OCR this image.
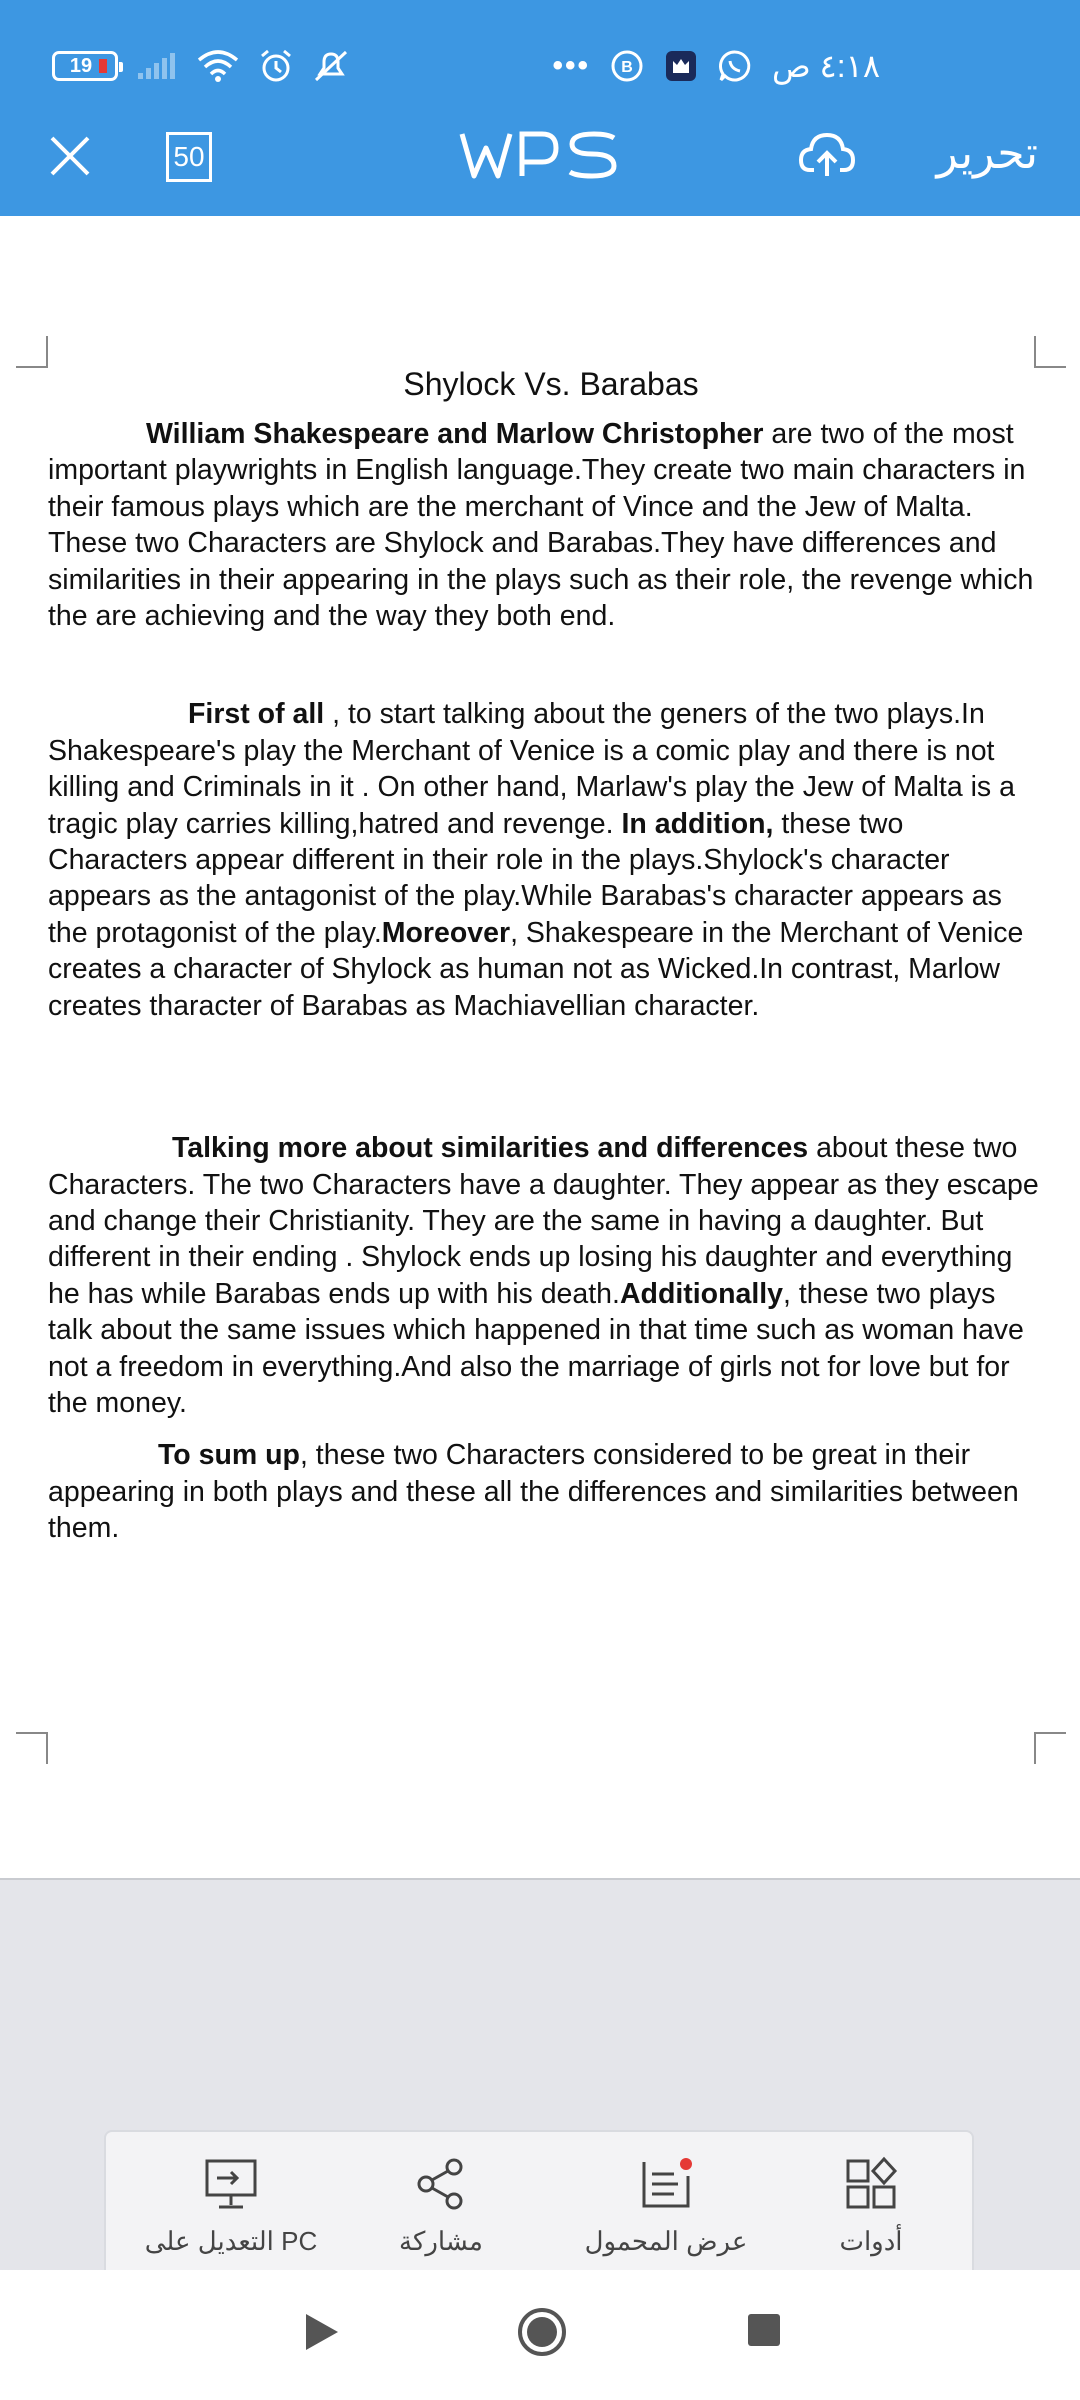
19	••• B	٤:١٨ ص
50	تحرير
Shylock Vs. Barabas

William Shakespeare and Marlow Christopher are two of the most important playwrights in English language.They create two main characters in their famous plays which are the merchant of Vince and the Jew of Malta. These two Characters are Shylock and Barabas.They have differences and similarities in their appearing in the plays such as their role, the revenge which the are achieving and the way they both end.

First of all , to start talking about the geners of the two plays.In Shakespeare's play the Merchant of Venice is a comic play and there is not killing and Criminals in it . On other hand, Marlaw's play the Jew of Malta is a tragic play carries killing,hatred and revenge. In addition, these two Characters appear different in their role in the plays.Shylock's character appears as the antagonist of the play.While Barabas's character appears as the protagonist of the play.Moreover, Shakespeare in the Merchant of Venice creates a character of Shylock as human not as Wicked.In contrast, Marlow creates tharacter of Barabas as Machiavellian character.

Talking more about similarities and differences about these two Characters. The two Characters have a daughter. They appear as they escape and change their Christianity. They are the same in having a daughter. But different in their ending . Shylock ends up losing his daughter and everything he has while Barabas ends up with his death.Additionally, these two plays talk about the same issues which happened in that time such as woman have not a freedom in everything.And also the marriage of girls not for love but for the money.

To sum up, these two Characters considered to be great in their appearing in both plays and these all the differences and similarities between them.

التعديل على PC	مشاركة	عرض المحمول	أدوات
